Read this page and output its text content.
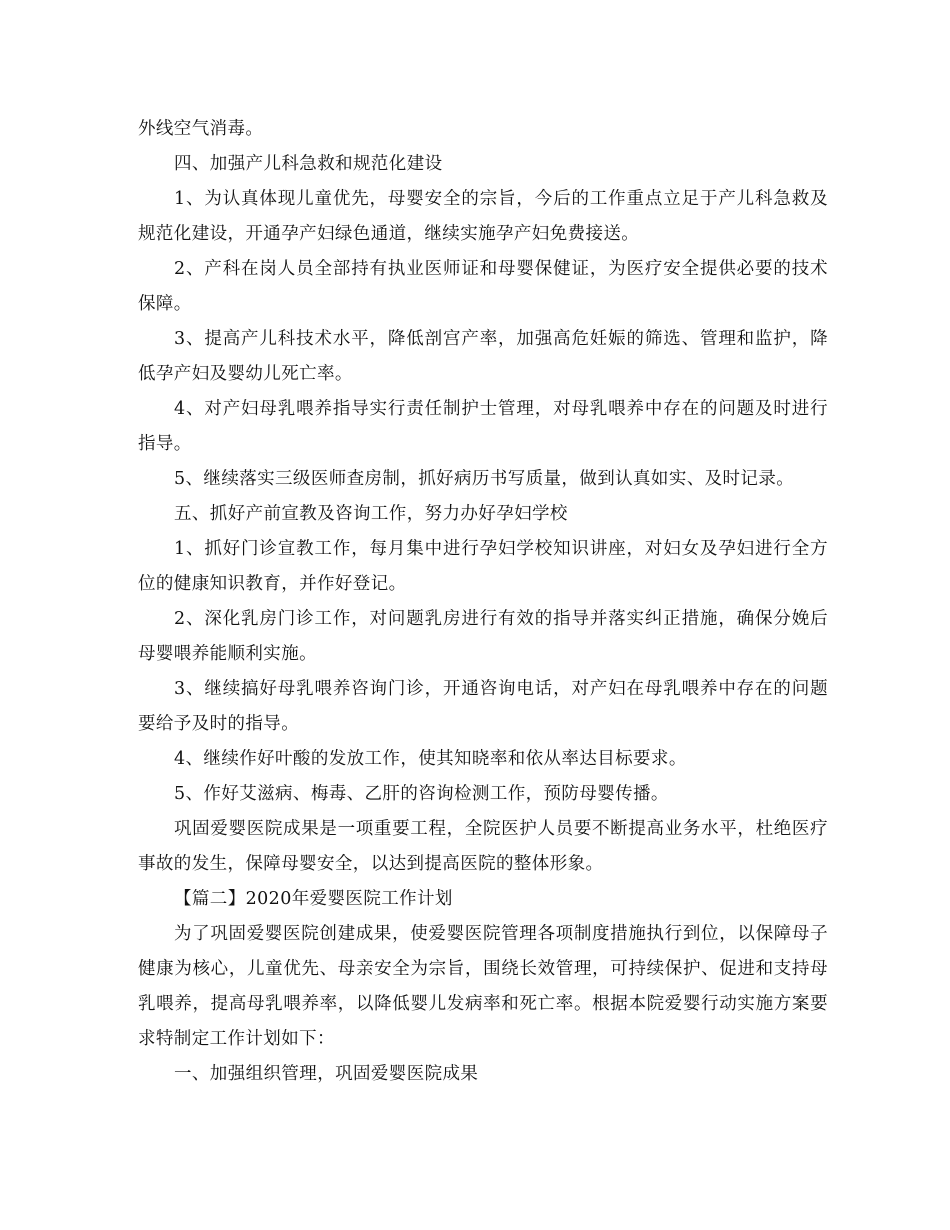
外线空气消毒。

四、加强产儿科急救和规范化建设

1、为认真体现儿童优先，母婴安全的宗旨，今后的工作重点立足于产儿科急救及规范化建设，开通孕产妇绿色通道，继续实施孕产妇免费接送。

2、产科在岗人员全部持有执业医师证和母婴保健证，为医疗安全提供必要的技术保障。

3、提高产儿科技术水平，降低剖宫产率，加强高危妊娠的筛选、管理和监护，降低孕产妇及婴幼儿死亡率。

4、对产妇母乳喂养指导实行责任制护士管理，对母乳喂养中存在的问题及时进行指导。

5、继续落实三级医师查房制，抓好病历书写质量，做到认真如实、及时记录。

五、抓好产前宣教及咨询工作，努力办好孕妇学校

1、抓好门诊宣教工作，每月集中进行孕妇学校知识讲座，对妇女及孕妇进行全方位的健康知识教育，并作好登记。

2、深化乳房门诊工作，对问题乳房进行有效的指导并落实纠正措施，确保分娩后母婴喂养能顺利实施。

3、继续搞好母乳喂养咨询门诊，开通咨询电话，对产妇在母乳喂养中存在的问题要给予及时的指导。

4、继续作好叶酸的发放工作，使其知晓率和依从率达目标要求。

5、作好艾滋病、梅毒、乙肝的咨询检测工作，预防母婴传播。

巩固爱婴医院成果是一项重要工程，全院医护人员要不断提高业务水平，杜绝医疗事故的发生，保障母婴安全，以达到提高医院的整体形象。

【篇二】2020年爱婴医院工作计划

为了巩固爱婴医院创建成果，使爱婴医院管理各项制度措施执行到位，以保障母子健康为核心，儿童优先、母亲安全为宗旨，围绕长效管理，可持续保护、促进和支持母乳喂养，提高母乳喂养率，以降低婴儿发病率和死亡率。根据本院爱婴行动实施方案要求特制定工作计划如下：

一、加强组织管理，巩固爱婴医院成果
